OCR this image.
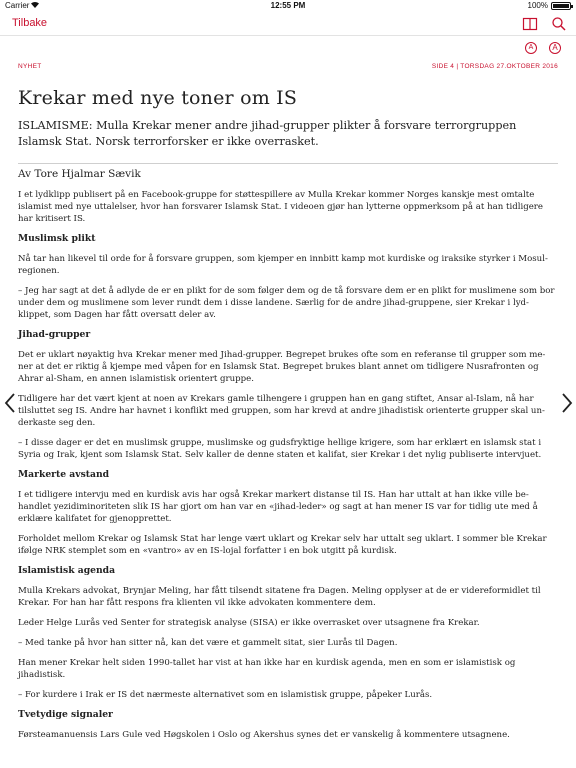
Carrier	12:55 PM	100%
Tilbake
A	A
NYHET	SIDE 4 | TORSDAG 27.OKTOBER 2016
Krekar med nye toner om IS

ISLAMISME: Mulla Krekar mener andre jihad-grupper plikter å forsvare terrorgruppen Islamsk Stat. Norsk terrorforsker er ikke overrasket.

Av Tore Hjalmar Sævik

I et lydklipp publisert på en Facebook-gruppe for støttespillere av Mulla Krekar kommer Norges kanskje mest omtalte islamist med nye uttalelser, hvor han forsvarer Islamsk Stat. I videoen gjør han lytterne oppmerksom på at han tidligere har kritisert IS.

Muslimsk plikt

Nå tar han likevel til orde for å forsvare gruppen, som kjemper en innbitt kamp mot kurdiske og iraksike styrker i Mosul-regionen.

– Jeg har sagt at det å adlyde de er en plikt for de som følger dem og de tå forsvare dem er en plikt for muslimene som bor under dem og muslimene som lever rundt dem i disse landene. Særlig for de andre jihad-gruppene, sier Krekar i lyd-klippet, som Dagen har fått oversatt deler av.

Jihad-grupper

Det er uklart nøyaktig hva Krekar mener med Jihad-grupper. Begrepet brukes ofte som en referanse til grupper som me-ner at det er riktig å kjempe med våpen for en Islamsk Stat. Begrepet brukes blant annet om tidligere Nusrafronten og Ahrar al-Sham, en annen islamistisk orientert gruppe.

Tidligere har det vært kjent at noen av Krekars gamle tilhengere i gruppen han en gang stiftet, Ansar al-Islam, nå har tilsluttet seg IS. Andre har havnet i konflikt med gruppen, som har krevd at andre jihadistisk orienterte grupper skal un-derkaste seg den.

– I disse dager er det en muslimsk gruppe, muslimske og gudsfryktige hellige krigere, som har erklært en islamsk stat i Syria og Irak, kjent som Islamsk Stat. Selv kaller de denne staten et kalifat, sier Krekar i det nylig publiserte intervjuet.

Markerte avstand

I et tidligere intervju med en kurdisk avis har også Krekar markert distanse til IS. Han har uttalt at han ikke ville be-handlet yezidiminoriteten slik IS har gjort om han var en «jihad-leder» og sagt at han mener IS var for tidlig ute med å erklære kalifatet for gjenopprettet.

Forholdet mellom Krekar og Islamsk Stat har lenge vært uklart og Krekar selv har uttalt seg uklart. I sommer ble Krekar ifølge NRK stemplet som en «vantro» av en IS-lojal forfatter i en bok utgitt på kurdisk.

Islamistisk agenda

Mulla Krekars advokat, Brynjar Meling, har fått tilsendt sitatene fra Dagen. Meling opplyser at de er videreformidlet til Krekar. For han har fått respons fra klienten vil ikke advokaten kommentere dem.

Leder Helge Lurås ved Senter for strategisk analyse (SISA) er ikke overrasket over utsagnene fra Krekar.

– Med tanke på hvor han sitter nå, kan det være et gammelt sitat, sier Lurås til Dagen.

Han mener Krekar helt siden 1990-tallet har vist at han ikke har en kurdisk agenda, men en som er islamistisk og jihadistisk.

– For kurdere i Irak er IS det nærmeste alternativet som en islamistisk gruppe, påpeker Lurås.

Tvetydige signaler

Førsteamanuensis Lars Gule ved Høgskolen i Oslo og Akershus synes det er vanskelig å kommentere utsagnene.
